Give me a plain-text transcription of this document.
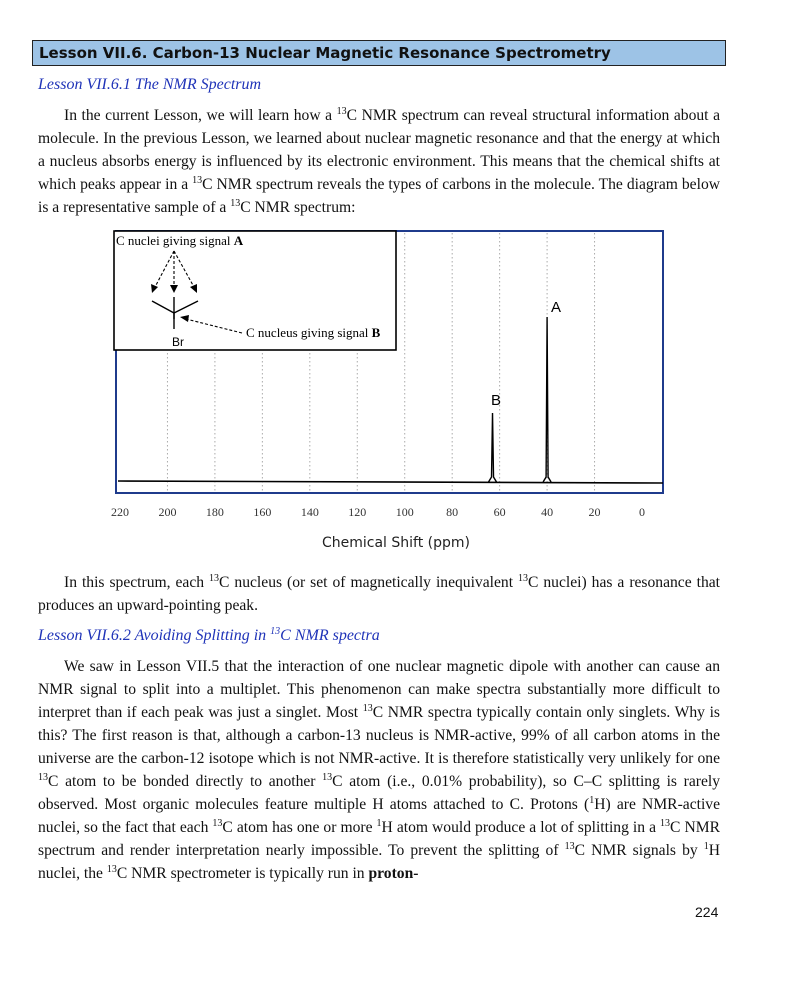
Lesson VII.6. Carbon-13 Nuclear Magnetic Resonance Spectrometry
Lesson VII.6.1 The NMR Spectrum

In the current Lesson, we will learn how a $^{13}$C NMR spectrum can reveal structural information about a molecule. In the previous Lesson, we learned about nuclear magnetic resonance and that the energy at which a nucleus absorbs energy is influenced by its electronic environment. This means that the chemical shifts at which peaks appear in a $^{13}$C NMR spectrum reveals the types of carbons in the molecule. The diagram below is a representative sample of a $^{13}$C NMR spectrum:

A
B
C nuclei giving signal A
Br
C nucleus giving signal B
220 200 180 160 140 120 100	80	60	40	20	0
Chemical Shift (ppm)

In this spectrum, each $^{13}$C nucleus (or set of magnetically inequivalent $^{13}$C nuclei) has a resonance that produces an upward-pointing peak.

Lesson VII.6.2 Avoiding Splitting in $^{13}$C NMR spectra

We saw in Lesson VII.5 that the interaction of one nuclear magnetic dipole with another can cause an NMR signal to split into a multiplet. This phenomenon can make spectra substantially more difficult to interpret than if each peak was just a singlet. Most $^{13}$C NMR spectra typically contain only singlets. Why is this? The first reason is that, although a carbon-13 nucleus is NMR-active, 99% of all carbon atoms in the universe are the carbon-12 isotope which is not NMR-active. It is therefore statistically very unlikely for one $^{13}$C atom to be bonded directly to another $^{13}$C atom (i.e., 0.01% probability), so C–C splitting is rarely observed. Most organic molecules feature multiple H atoms attached to C. Protons ($^1$H) are NMR-active nuclei, so the fact that each $^{13}$C atom has one or more $^1$H atom would produce a lot of splitting in a $^{13}$C NMR spectrum and render interpretation nearly impossible. To prevent the splitting of $^{13}$C NMR signals by $^1$H nuclei, the $^{13}$C NMR spectrometer is typically run in proton-

224
